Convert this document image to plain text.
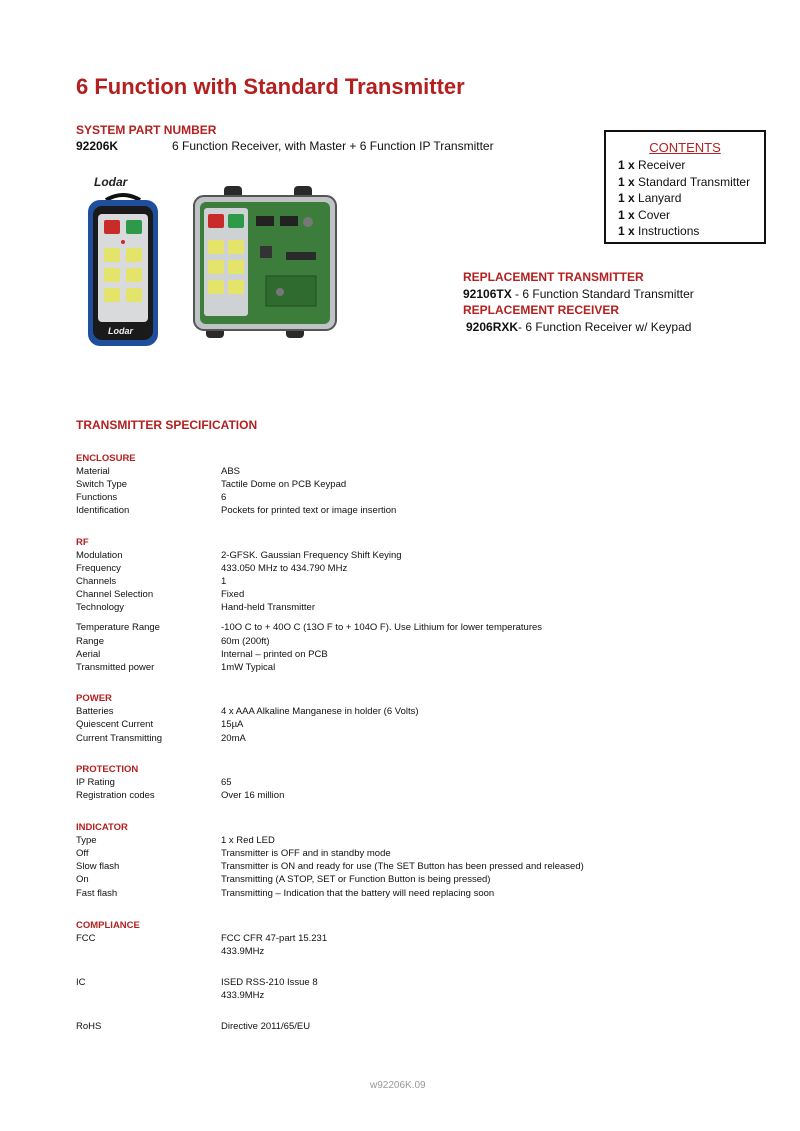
6 Function with Standard Transmitter
SYSTEM PART NUMBER
92206K	6 Function Receiver, with Master + 6 Function IP Transmitter	CONTENTS
1 x Receiver
1 x Standard Transmitter
1 x Lanyard
1 x Cover
1 x Instructions
Lodar
Lodar
REPLACEMENT TRANSMITTER
92106TX - 6 Function Standard Transmitter
REPLACEMENT RECEIVER
9206RXK- 6 Function Receiver w/ Keypad
TRANSMITTER SPECIFICATION
ENCLOSURE
Material	ABS
Switch Type	Tactile Dome on PCB Keypad
Functions	6
Identification	Pockets for printed text or image insertion
RF
Modulation	2-GFSK. Gaussian Frequency Shift Keying
Frequency	433.050 MHz to 434.790 MHz
Channels	1
Channel Selection	Fixed
Technology	Hand-held Transmitter
Temperature Range	-10O C to + 40O C (13O F to + 104O F). Use Lithium for lower temperatures
Range	60m (200ft)
Aerial	Internal – printed on PCB
Transmitted power	1mW Typical
POWER
Batteries	4 x AAA Alkaline Manganese in holder (6 Volts)
Quiescent Current	15µA
Current Transmitting	20mA
PROTECTION
IP Rating	65
Registration codes	Over 16 million
INDICATOR
Type	1 x Red LED
Off	Transmitter is OFF and in standby mode
Slow flash	Transmitter is ON and ready for use (The SET Button has been pressed and released)
On	Transmitting (A STOP, SET or Function Button is being pressed)
Fast flash	Transmitting – Indication that the battery will need replacing soon
COMPLIANCE
FCC	FCC CFR 47-part 15.231
433.9MHz
IC	ISED RSS-210 Issue 8
433.9MHz
RoHS	Directive 2011/65/EU
w92206K.09
